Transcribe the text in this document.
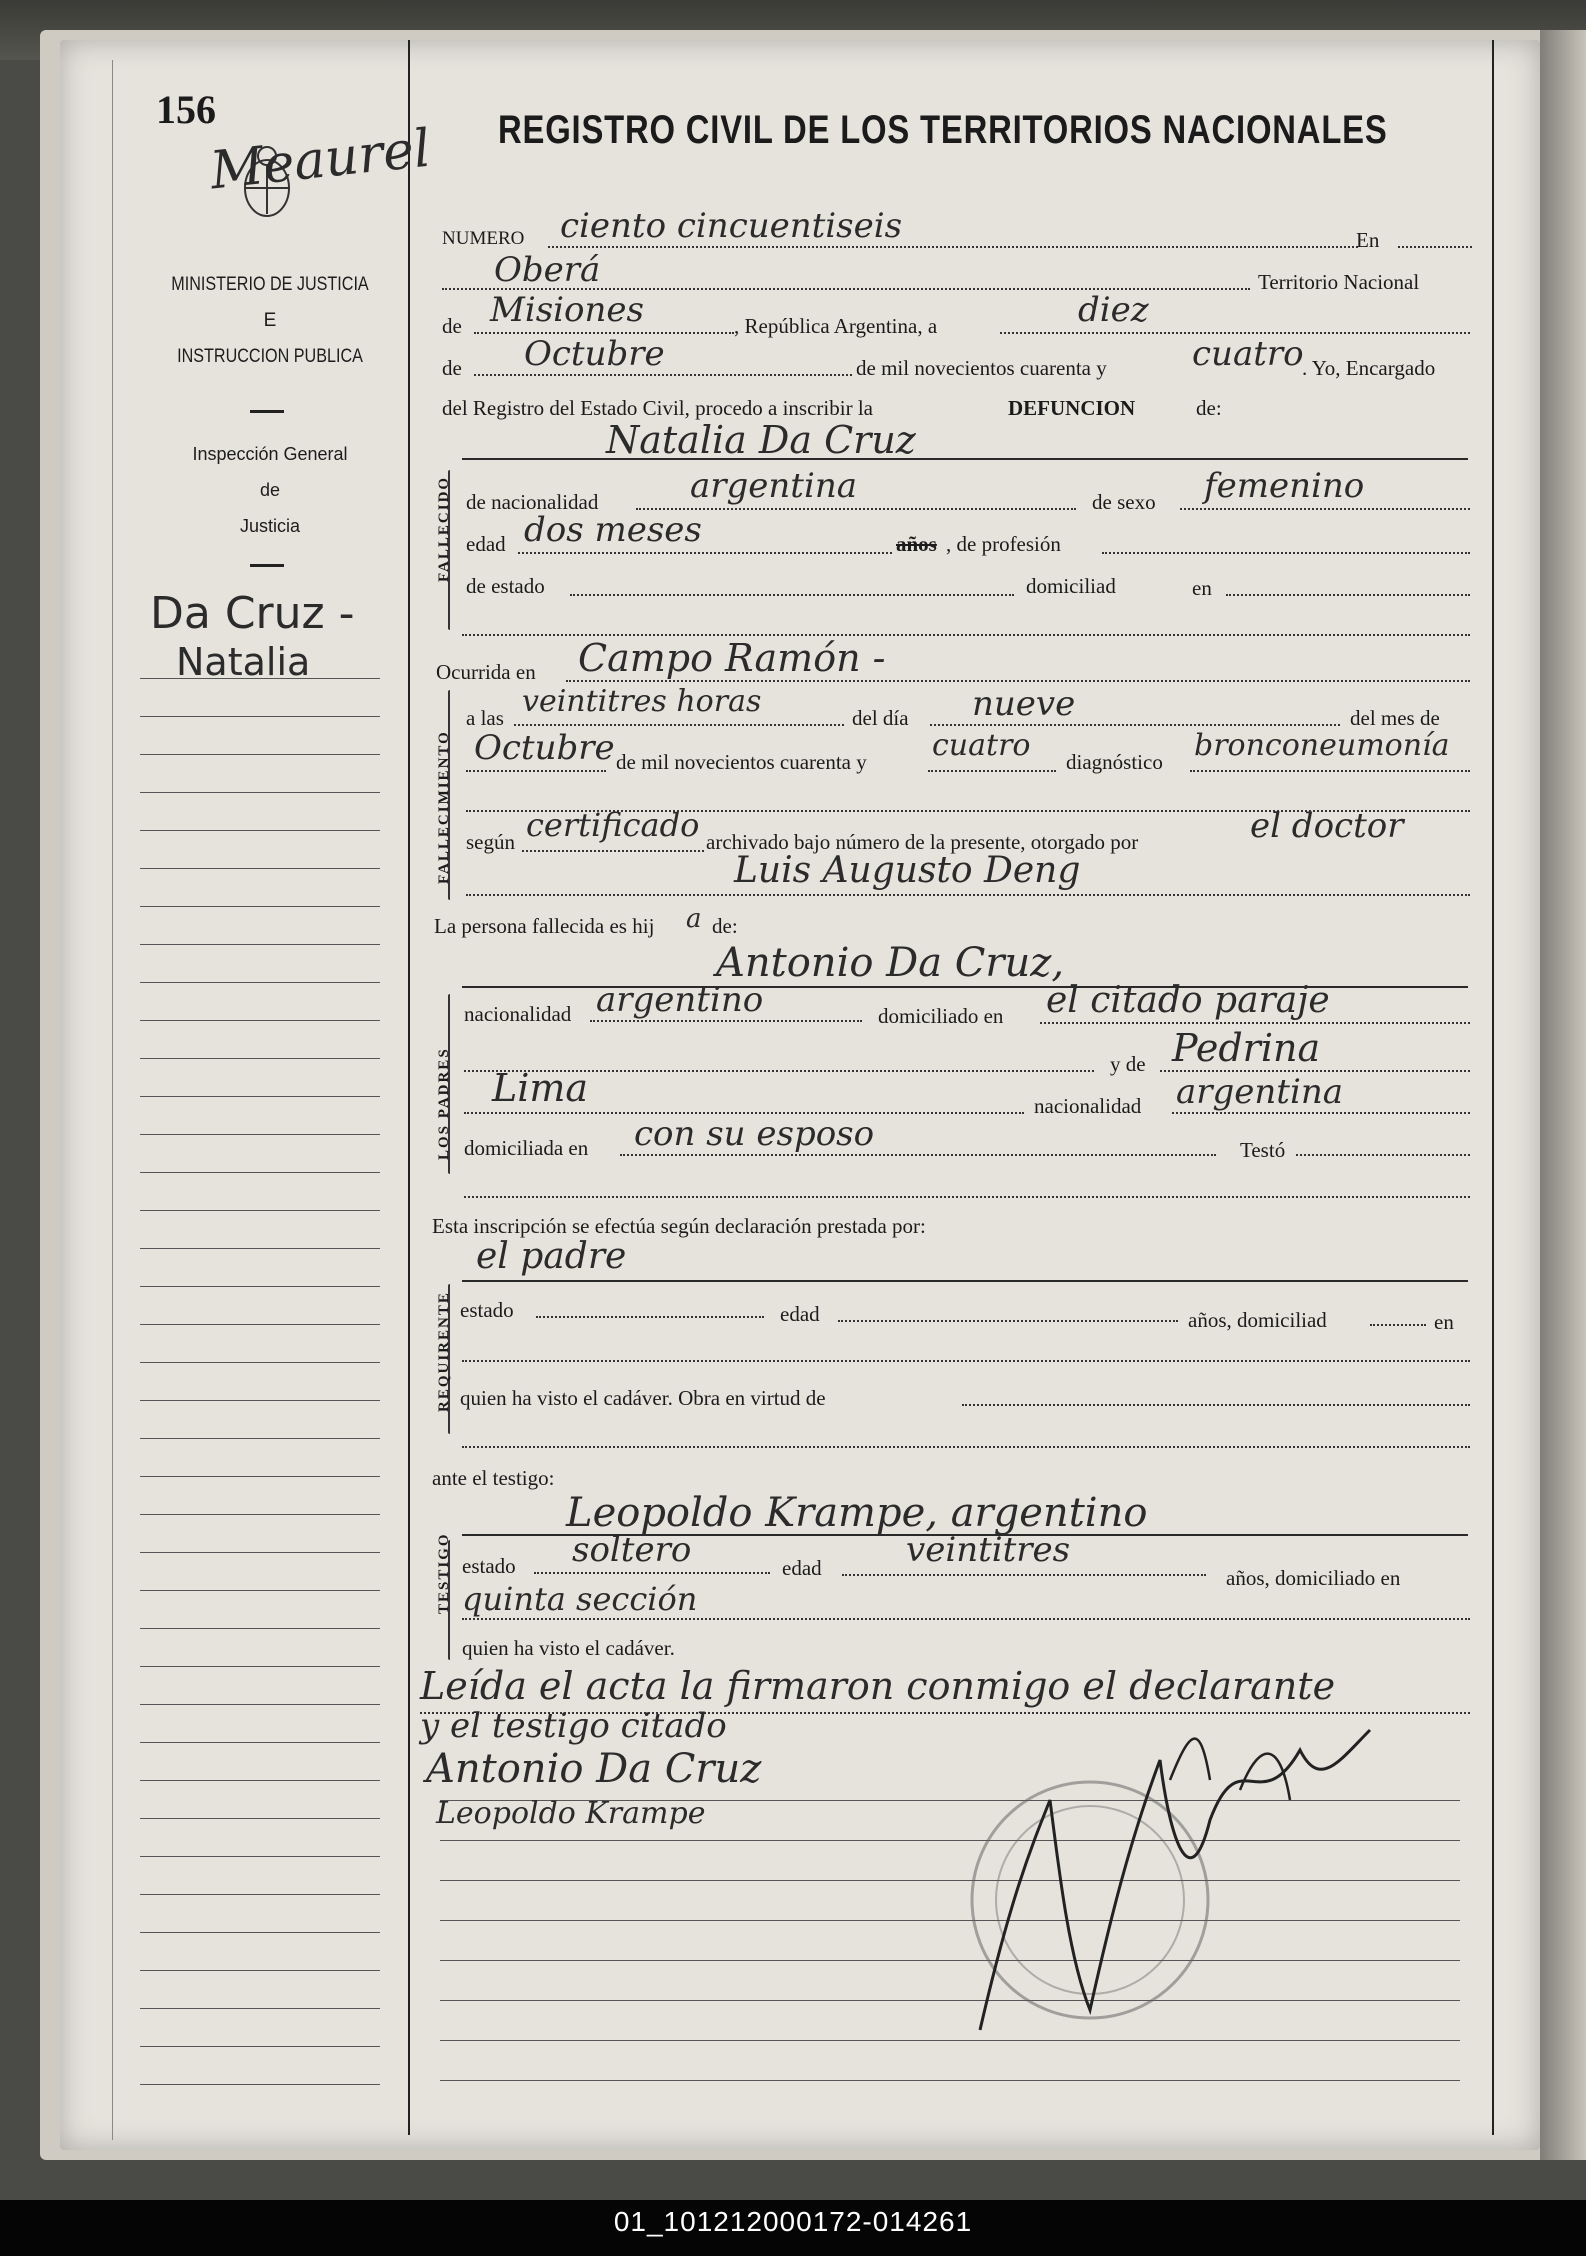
156	REGISTRO CIVIL DE LOS TERRITORIOS NACIONALES
Meaurel
MINISTERIO DE JUSTICIA
E
INSTRUCCION PUBLICA
Inspección General
de
Justicia
Da Cruz -
Natalia
NUMERO ciento cincuentiseis	En
Oberá	Territorio Nacional
de Misiones	, República Argentina, a	diez
de Octubre	de mil novecientos cuarenta y	cuatro
. Yo, Encargado
del Registro del Estado Civil, procedo a inscribir la	DEFUNCION	de:
Natalia Da Cruz
FALLECIDO de nacionalidad	argentina	de sexo femenino
edad dos meses	años , de profesión
de estado	domiciliad	en
Ocurrida en Campo Ramón -
FALLECIMIENTO
a las veintitres horas	del día nueve	del mes de
Octubre de mil novecientos cuarenta y cuatro diagnóstico bronconeumonía
según certificado archivado bajo número de la presente, otorgado por	el doctor
Luis Augusto Deng
La persona fallecida es hij a de:
Antonio Da Cruz,
LOS PADRES
nacionalidad argentino	domiciliado en el citado paraje
y de Pedrina
Lima	nacionalidad argentina
domiciliada en con su esposo	Testó
Esta inscripción se efectúa según declaración prestada por:
el padre
REQUIRENTE estado	edad	años, domiciliad	en
quien ha visto el cadáver. Obra en virtud de
ante el testigo:
Leopoldo Krampe, argentino
TESTIGO estado soltero	edad veintitres
años, domiciliado en
quinta sección
quien ha visto el cadáver.
Leída el acta la firmaron conmigo el declarante
y el testigo citado
Antonio Da Cruz
Leopoldo Krampe
01_101212000172-014261
